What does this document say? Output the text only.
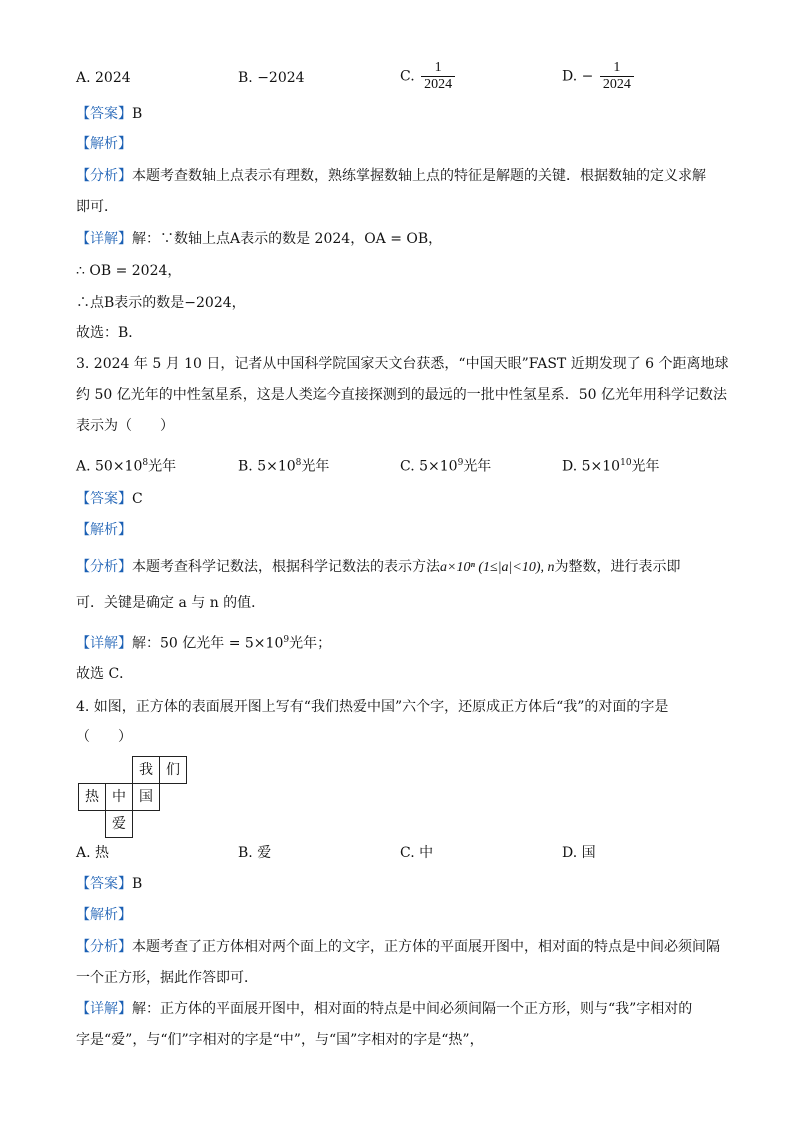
A. 2024	B. −2024	C. $\frac{1}{2024}$	D. − $\frac{1}{2024}$
【答案】B
【解析】
【分析】本题考查数轴上点表示有理数，熟练掌握数轴上点的特征是解题的关键．根据数轴的定义求解
即可．
【详解】解：∵数轴上点A表示的数是 2024，OA = OB，
∴ OB = 2024，
∴点B表示的数是−2024，
故选：B．
3. 2024 年 5 月 10 日，记者从中国科学院国家天文台获悉，“中国天眼”FAST 近期发现了 6 个距离地球
约 50 亿光年的中性氢星系，这是人类迄今直接探测到的最远的一批中性氢星系．50 亿光年用科学记数法
表示为（　　）
A. $50\times 10^8$光年	B. $5\times 10^8$光年	C. $5\times 10^9$光年	D. $5\times 10^{10}$光年
【答案】C
【解析】
【分析】本题考查科学记数法，根据科学记数法的表示方法a×10ⁿ (1≤|a|<10), n为整数，进行表示即
可．关键是确定 a 与 n 的值．
【详解】解：50 亿光年 = $5\times 10^9$光年；
故选 C．
4. 如图，正方体的表面展开图上写有“我们热爱中国”六个字，还原成正方体后“我”的对面的字是
（　　）
我 们
热 中 国
爱
A. 热	B. 爱	C. 中	D. 国
【答案】B
【解析】
【分析】本题考查了正方体相对两个面上的文字，正方体的平面展开图中，相对面的特点是中间必须间隔
一个正方形，据此作答即可．
【详解】解：正方体的平面展开图中，相对面的特点是中间必须间隔一个正方形，则与“我”字相对的
字是“爱”，与“们”字相对的字是“中”，与“国”字相对的字是“热”，
